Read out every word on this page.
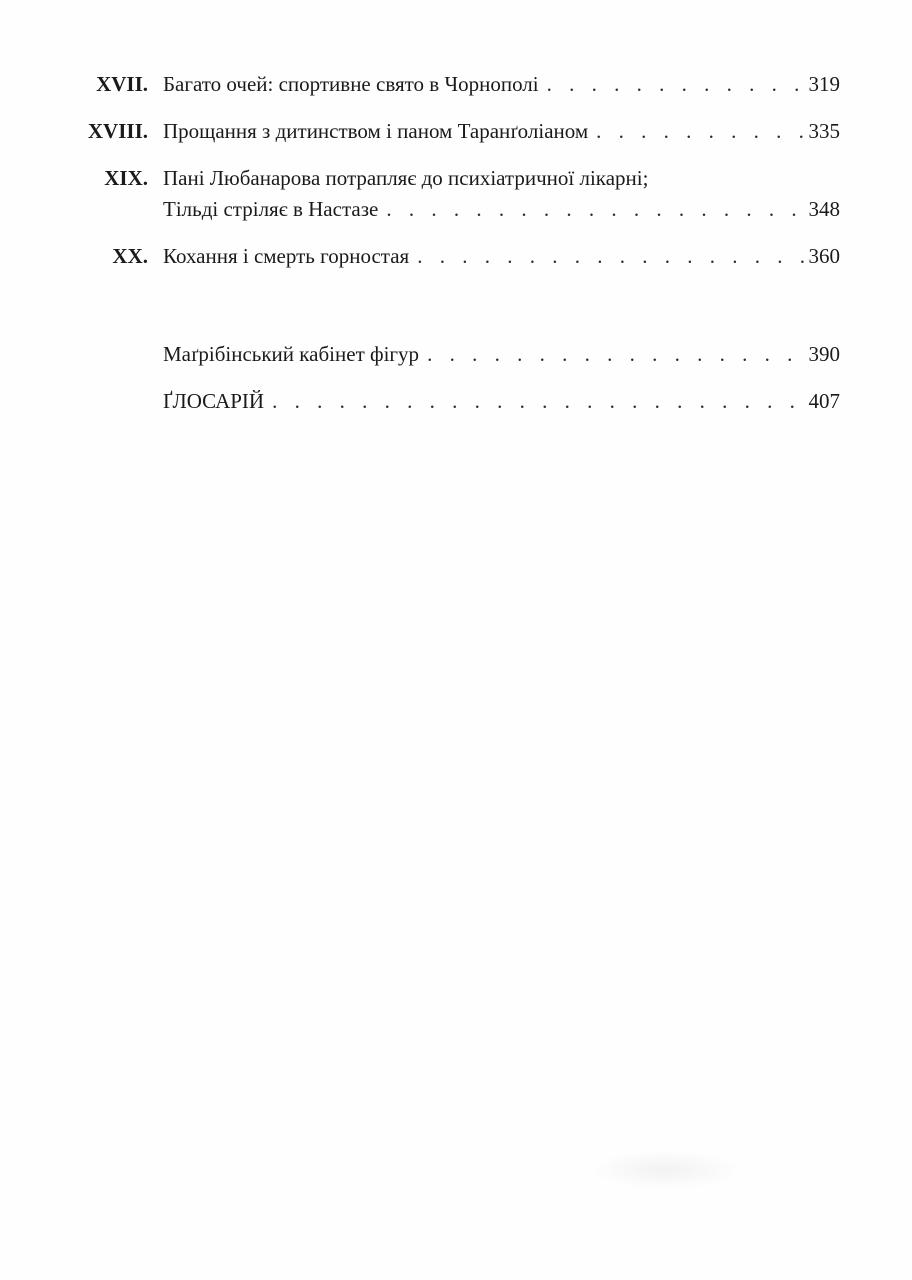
XVII. Багато очей: спортивне свято в Чорнополі . . .	319
XVIII. Прощання з дитинством і паном Таранґоліаном . . .	335
XIX. Пані Любанарова потрапляє до психіатричної лікарні;
Тільді стріляє в Настазе . . .	348
XX. Кохання і смерть горностая . . .	360
Маґрібінський кабінет фігур . . .	390
ҐЛОСАРІЙ . . .	407
